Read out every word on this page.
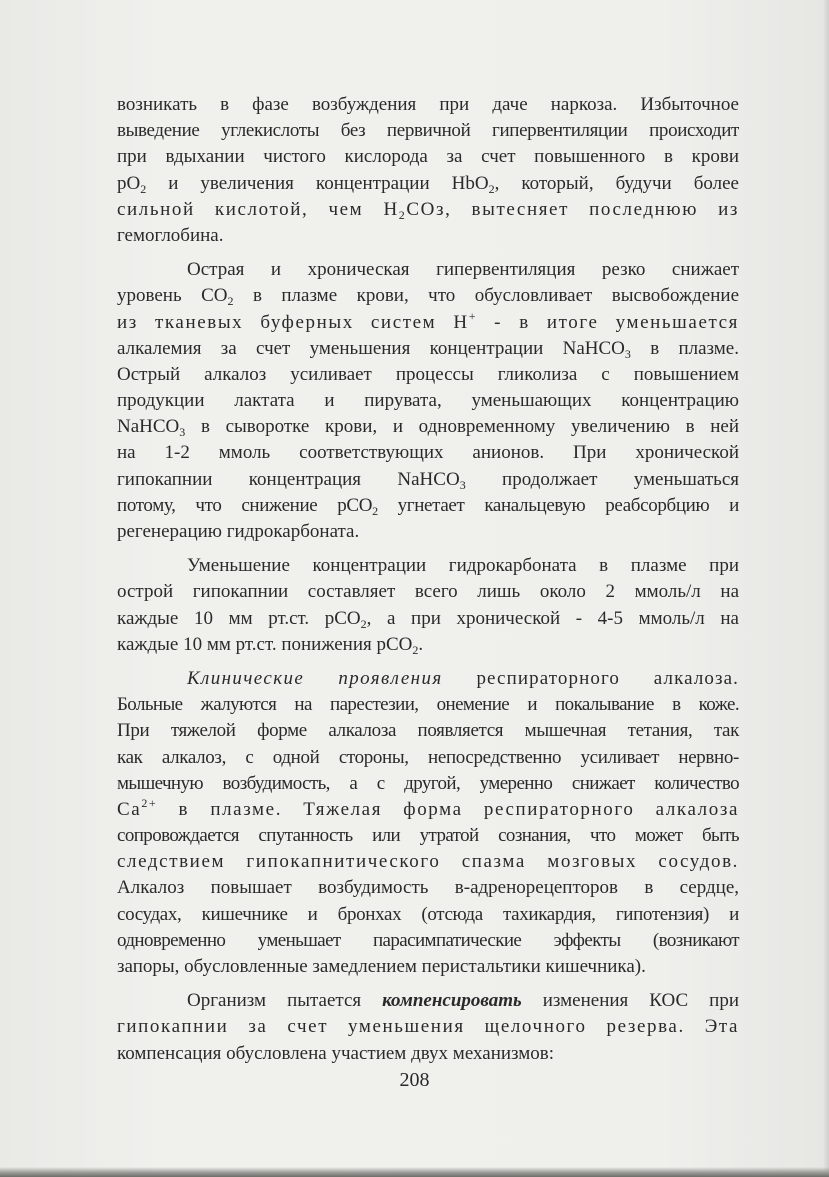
возникать в фазе возбуждения при даче наркоза. Избыточное
выведение углекислоты без первичной гипервентиляции происходит
при вдыхании чистого кислорода за счет повышенного в крови
$рО_2$ и увеличения концентрации HbO$_2$, который, будучи более
сильной кислотой, чем $H_2COз$, вытесняет последнюю из
гемоглобина.
Острая и хроническая гипервентиляция резко снижает
уровень $СО_2$ в плазме крови, что обусловливает высвобождение
из тканевых буферных систем Н+ - в итоге уменьшается
алкалемия за счет уменьшения концентрации NaHCO$_3$ в плазме.
Острый алкалоз усиливает процессы гликолиза с повышением
продукции лактата и пирувата, уменьшающих концентрацию
NaHCO$_3$ в сыворотке крови, и одновременному увеличению в ней
на 1-2 ммоль соответствующих анионов. При хронической
гипокапнии концентрация NaHCO$_3$ продолжает уменьшаться
потому, что снижение рСО$_2$ угнетает канальцевую реабсорбцию и
регенерацию гидрокарбоната.
Уменьшение концентрации гидрокарбоната в плазме при
острой гипокапнии составляет всего лишь около 2 ммоль/л на
каждые 10 мм рт.ст. рСО$_2$, а при хронической - 4-5 ммоль/л на
каждые 10 мм рт.ст. понижения рСО$_2$.
Клинические проявления респираторного алкалоза.
Больные жалуются на парестезии, онемение и покалывание в коже.
При тяжелой форме алкалоза появляется мышечная тетания, так
как алкалоз, с одной стороны, непосредственно усиливает нервно-
мышечную возбудимость, а с другой, умеренно снижает количество
$Ca^{2+}$ в плазме. Тяжелая форма респираторного алкалоза
сопровождается спутанность или утратой сознания, что может быть
следствием гипокапнитического спазма мозговых сосудов.
Алкалоз повышает возбудимость в-адренорецепторов в сердце,
сосудах, кишечнике и бронхах (отсюда тахикардия, гипотензия) и
одновременно уменьшает парасимпатические эффекты (возникают
запоры, обусловленные замедлением перистальтики кишечника).
Организм пытается компенсировать изменения КОС при
гипокапнии за счет уменьшения щелочного резерва. Эта
компенсация обусловлена участием двух механизмов:
208
